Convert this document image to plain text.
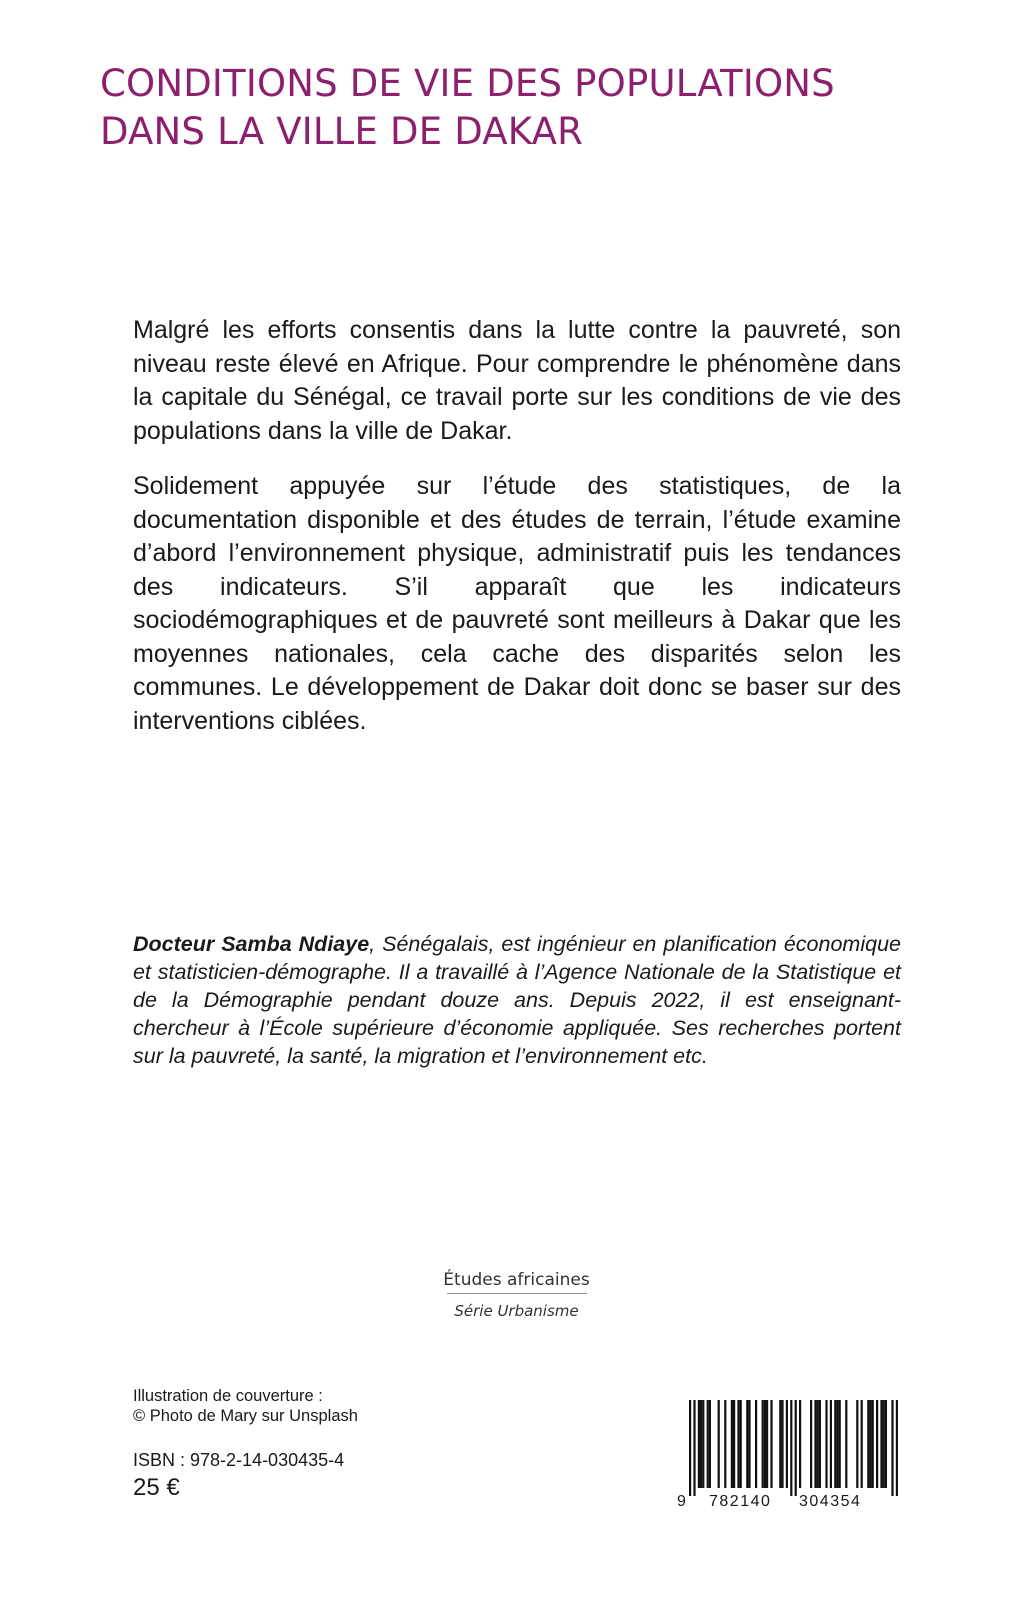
CONDITIONS DE VIE DES POPULATIONS
DANS LA VILLE DE DAKAR

Malgré les efforts consentis dans la lutte contre la pauvreté, son niveau reste élevé en Afrique. Pour comprendre le phénomène dans la capitale du Sénégal, ce travail porte sur les conditions de vie des populations dans la ville de Dakar.

Solidement appuyée sur l’étude des statistiques, de la documentation disponible et des études de terrain, l’étude examine d’abord l’environnement physique, administratif puis les tendances des indicateurs. S’il apparaît que les indicateurs sociodémographiques et de pauvreté sont meilleurs à Dakar que les moyennes nationales, cela cache des disparités selon les communes. Le développement de Dakar doit donc se baser sur des interventions ciblées.

Docteur Samba Ndiaye, Sénégalais, est ingénieur en planification économique et statisticien-démographe. Il a travaillé à l’Agence Nationale de la Statistique et de la Démographie pendant douze ans. Depuis 2022, il est enseignant-chercheur à l’École supérieure d’économie appliquée. Ses recherches portent sur la pauvreté, la santé, la migration et l’environnement etc.

Études africaines
Série Urbanisme
Illustration de couverture :
© Photo de Mary sur Unsplash
ISBN : 978-2-14-030435-4
25 €
9 782140 304354
